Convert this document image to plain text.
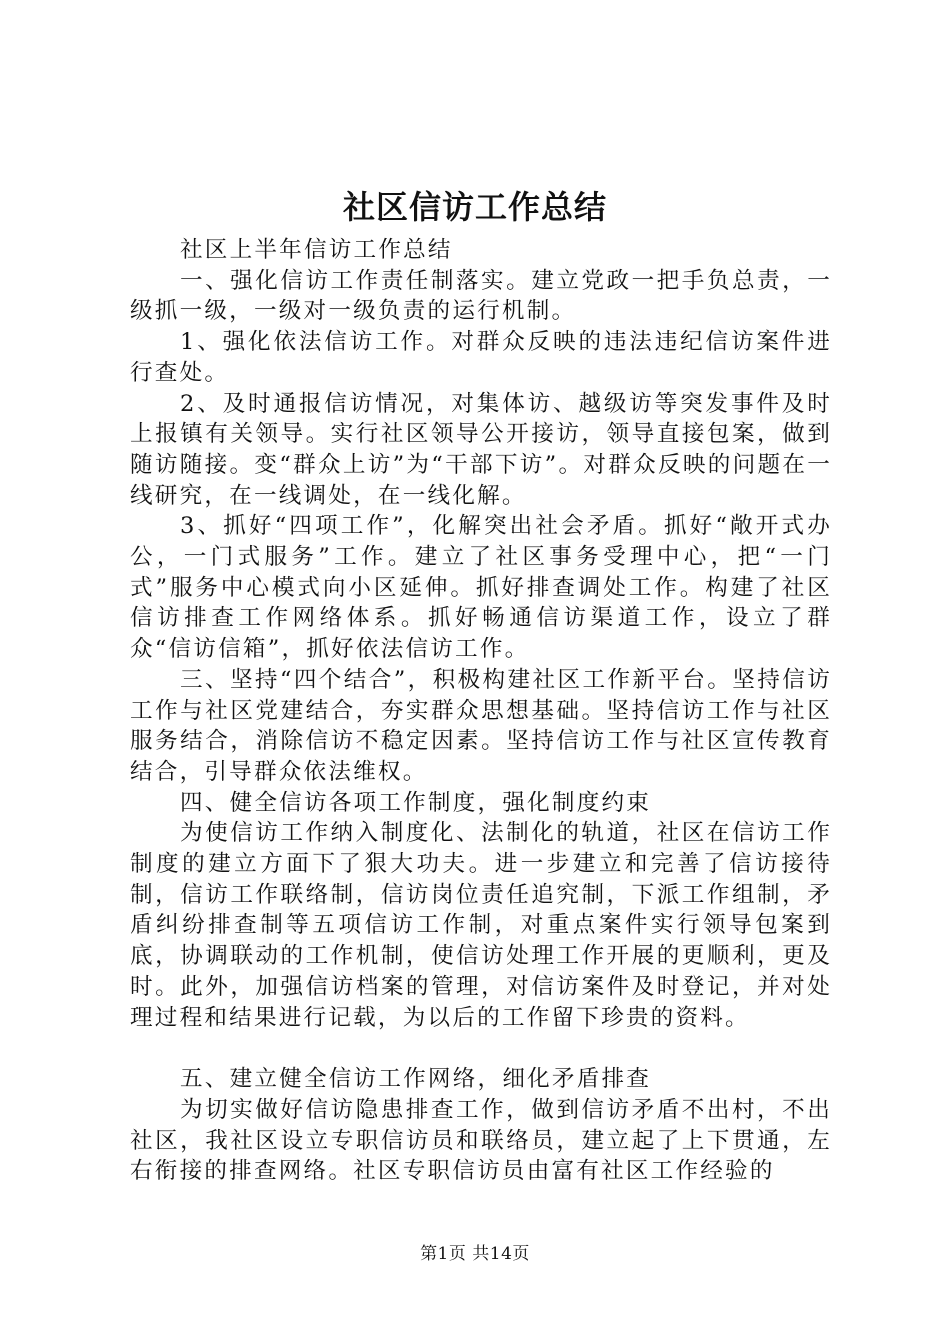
社区信访工作总结

社区上半年信访工作总结

一、强化信访工作责任制落实。建立党政一把手负总责，一级抓一级，一级对一级负责的运行机制。

1、强化依法信访工作。对群众反映的违法违纪信访案件进行查处。

2、及时通报信访情况，对集体访、越级访等突发事件及时上报镇有关领导。实行社区领导公开接访，领导直接包案，做到随访随接。变“群众上访”为“干部下访”。对群众反映的问题在一线研究，在一线调处，在一线化解。

3、抓好“四项工作”，化解突出社会矛盾。抓好“敞开式办公，一门式服务”工作。建立了社区事务受理中心，把“一门式”服务中心模式向小区延伸。抓好排查调处工作。构建了社区信访排查工作网络体系。抓好畅通信访渠道工作，设立了群众“信访信箱”，抓好依法信访工作。

三、坚持“四个结合”，积极构建社区工作新平台。坚持信访工作与社区党建结合，夯实群众思想基础。坚持信访工作与社区服务结合，消除信访不稳定因素。坚持信访工作与社区宣传教育结合，引导群众依法维权。

四、健全信访各项工作制度，强化制度约束

为使信访工作纳入制度化、法制化的轨道，社区在信访工作制度的建立方面下了狠大功夫。进一步建立和完善了信访接待制，信访工作联络制，信访岗位责任追究制，下派工作组制，矛盾纠纷排查制等五项信访工作制，对重点案件实行领导包案到底，协调联动的工作机制，使信访处理工作开展的更顺利，更及时。此外，加强信访档案的管理，对信访案件及时登记，并对处理过程和结果进行记载，为以后的工作留下珍贵的资料。

五、建立健全信访工作网络，细化矛盾排查

为切实做好信访隐患排查工作，做到信访矛盾不出村，不出社区，我社区设立专职信访员和联络员，建立起了上下贯通，左右衔接的排查网络。社区专职信访员由富有社区工作经验的

第1页 共14页
